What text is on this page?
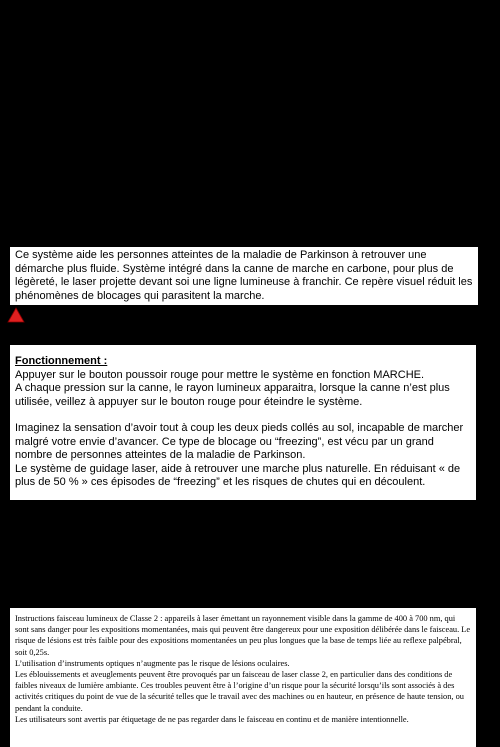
Ce système aide les personnes atteintes de la maladie de Parkinson à retrouver une démarche plus fluide. Système intégré dans la canne de marche en carbone, pour plus de légèreté, le laser projette devant soi une ligne lumineuse à franchir. Ce repère visuel réduit les phénomènes de blocages qui parasitent la marche.

Fonctionnement :

Appuyer sur le bouton poussoir rouge pour mettre le système en fonction MARCHE.

A chaque pression sur la canne, le rayon lumineux apparaitra, lorsque la canne n’est plus utilisée, veillez à appuyer sur le bouton rouge pour éteindre le système.

Imaginez la sensation d’avoir tout à coup les deux pieds collés au sol, incapable de marcher malgré votre envie d’avancer. Ce type de blocage ou “freezing”, est vécu par un grand nombre de personnes atteintes de la maladie de Parkinson.

Le système de guidage laser, aide à retrouver une marche plus naturelle. En réduisant « de plus de 50 % » ces épisodes de “freezing” et les risques de chutes qui en découlent.

Instructions faisceau lumineux de Classe 2 : appareils à laser émettant un rayonnement visible dans la gamme de 400 à 700 nm, qui sont sans danger pour les expositions momentanées, mais qui peuvent être dangereux pour une exposition délibérée dans le faisceau. Le risque de lésions est très faible pour des expositions momentanées un peu plus longues que la base de temps liée au reflexe palpébral, soit 0,25s.

L’utilisation d’instruments optiques n’augmente pas le risque de lésions oculaires.

Les éblouissements et aveuglements peuvent être provoqués par un faisceau de laser classe 2, en particulier dans des conditions de faibles niveaux de lumière ambiante. Ces troubles peuvent être à l’origine d’un risque pour la sécurité lorsqu’ils sont associés à des activités critiques du point de vue de la sécurité telles que le travail avec des machines ou en hauteur, en présence de haute tension, ou pendant la conduite.

Les utilisateurs sont avertis par étiquetage de ne pas regarder dans le faisceau en continu et de manière intentionnelle.
